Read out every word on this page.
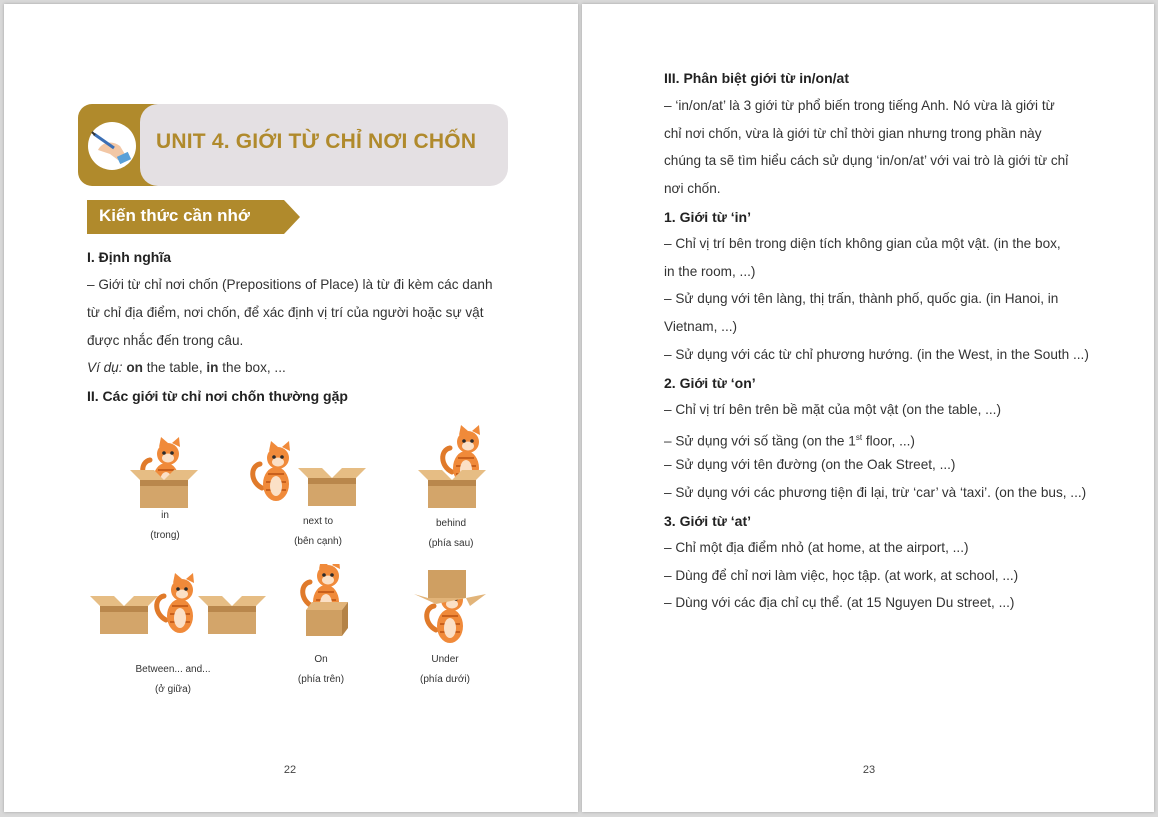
UNIT 4. GIỚI TỪ CHỈ NƠI CHỐN
Kiến thức cần nhớ
I. Định nghĩa
– Giới từ chỉ nơi chốn (Prepositions of Place) là từ đi kèm các danh
từ chỉ địa điểm, nơi chốn, để xác định vị trí của người hoặc sự vật
được nhắc đến trong câu.
Ví dụ: on the table, in the box, ...
II. Các giới từ chỉ nơi chốn thường gặp
in
(trong)
next to
(bên cạnh)
behind
(phía sau)
Between... and...
(ở giữa)
On
(phía trên)
Under
(phía dưới)
22
III. Phân biệt giới từ in/on/at
– ‘in/on/at’ là 3 giới từ phổ biến trong tiếng Anh. Nó vừa là giới từ
chỉ nơi chốn, vừa là giới từ chỉ thời gian nhưng trong phần này
chúng ta sẽ tìm hiểu cách sử dụng ‘in/on/at’ với vai trò là giới từ chỉ
nơi chốn.
1. Giới từ ‘in’
– Chỉ vị trí bên trong diện tích không gian của một vật. (in the box,
in the room, ...)
– Sử dụng với tên làng, thị trấn, thành phố, quốc gia. (in Hanoi, in
Vietnam, ...)
– Sử dụng với các từ chỉ phương hướng. (in the West, in the South ...)
2. Giới từ ‘on’
– Chỉ vị trí bên trên bề mặt của một vật (on the table, ...)
– Sử dụng với số tầng (on the 1st floor, ...)
– Sử dụng với tên đường (on the Oak Street, ...)
– Sử dụng với các phương tiện đi lại, trừ ‘car’ và ‘taxi’. (on the bus, ...)
3. Giới từ ‘at’
– Chỉ một địa điểm nhỏ (at home, at the airport, ...)
– Dùng để chỉ nơi làm việc, học tập. (at work, at school, ...)
– Dùng với các địa chỉ cụ thể. (at 15 Nguyen Du street, ...)
23
